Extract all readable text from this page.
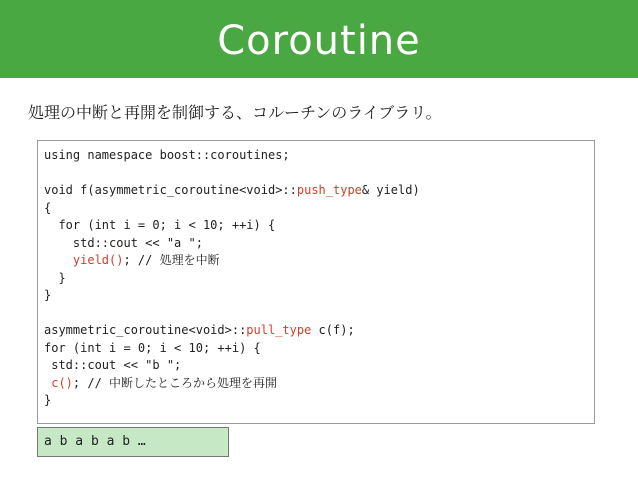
Coroutine
処理の中断と再開を制御する、コルーチンのライブラリ。
using namespace boost::coroutines;

void f(asymmetric_coroutine<void>::push_type& yield)
{
for (int i = 0; i < 10; ++i) {
std::cout << "a ";
yield(); // 処理を中断
}
}

asymmetric_coroutine<void>::pull_type c(f);
for (int i = 0; i < 10; ++i) {
std::cout << "b ";
c(); // 中断したところから処理を再開
}
a b a b a b …
